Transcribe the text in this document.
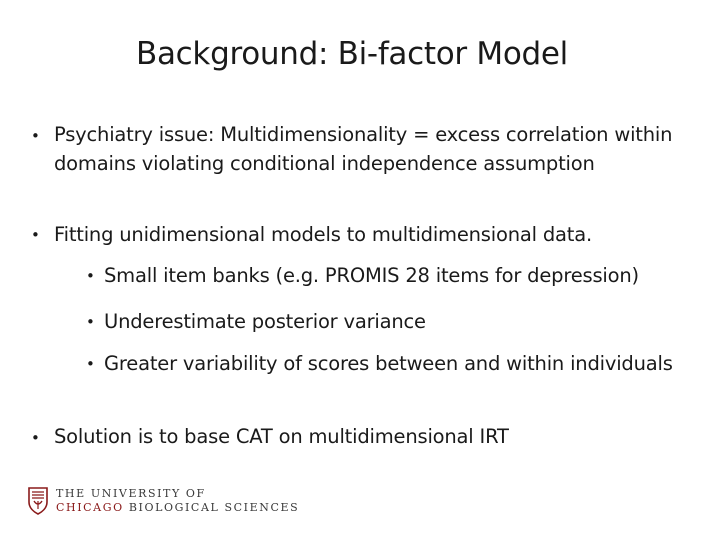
Background: Bi-factor Model
• Psychiatry issue: Multidimensionality = excess correlation within domains violating conditional independence assumption
• Fitting unidimensional models to multidimensional data.
• Small item banks (e.g. PROMIS 28 items for depression)
• Underestimate posterior variance
• Greater variability of scores between and within individuals
• Solution is to base CAT on multidimensional IRT
THE UNIVERSITY OF
CHICAGO BIOLOGICAL SCIENCES
